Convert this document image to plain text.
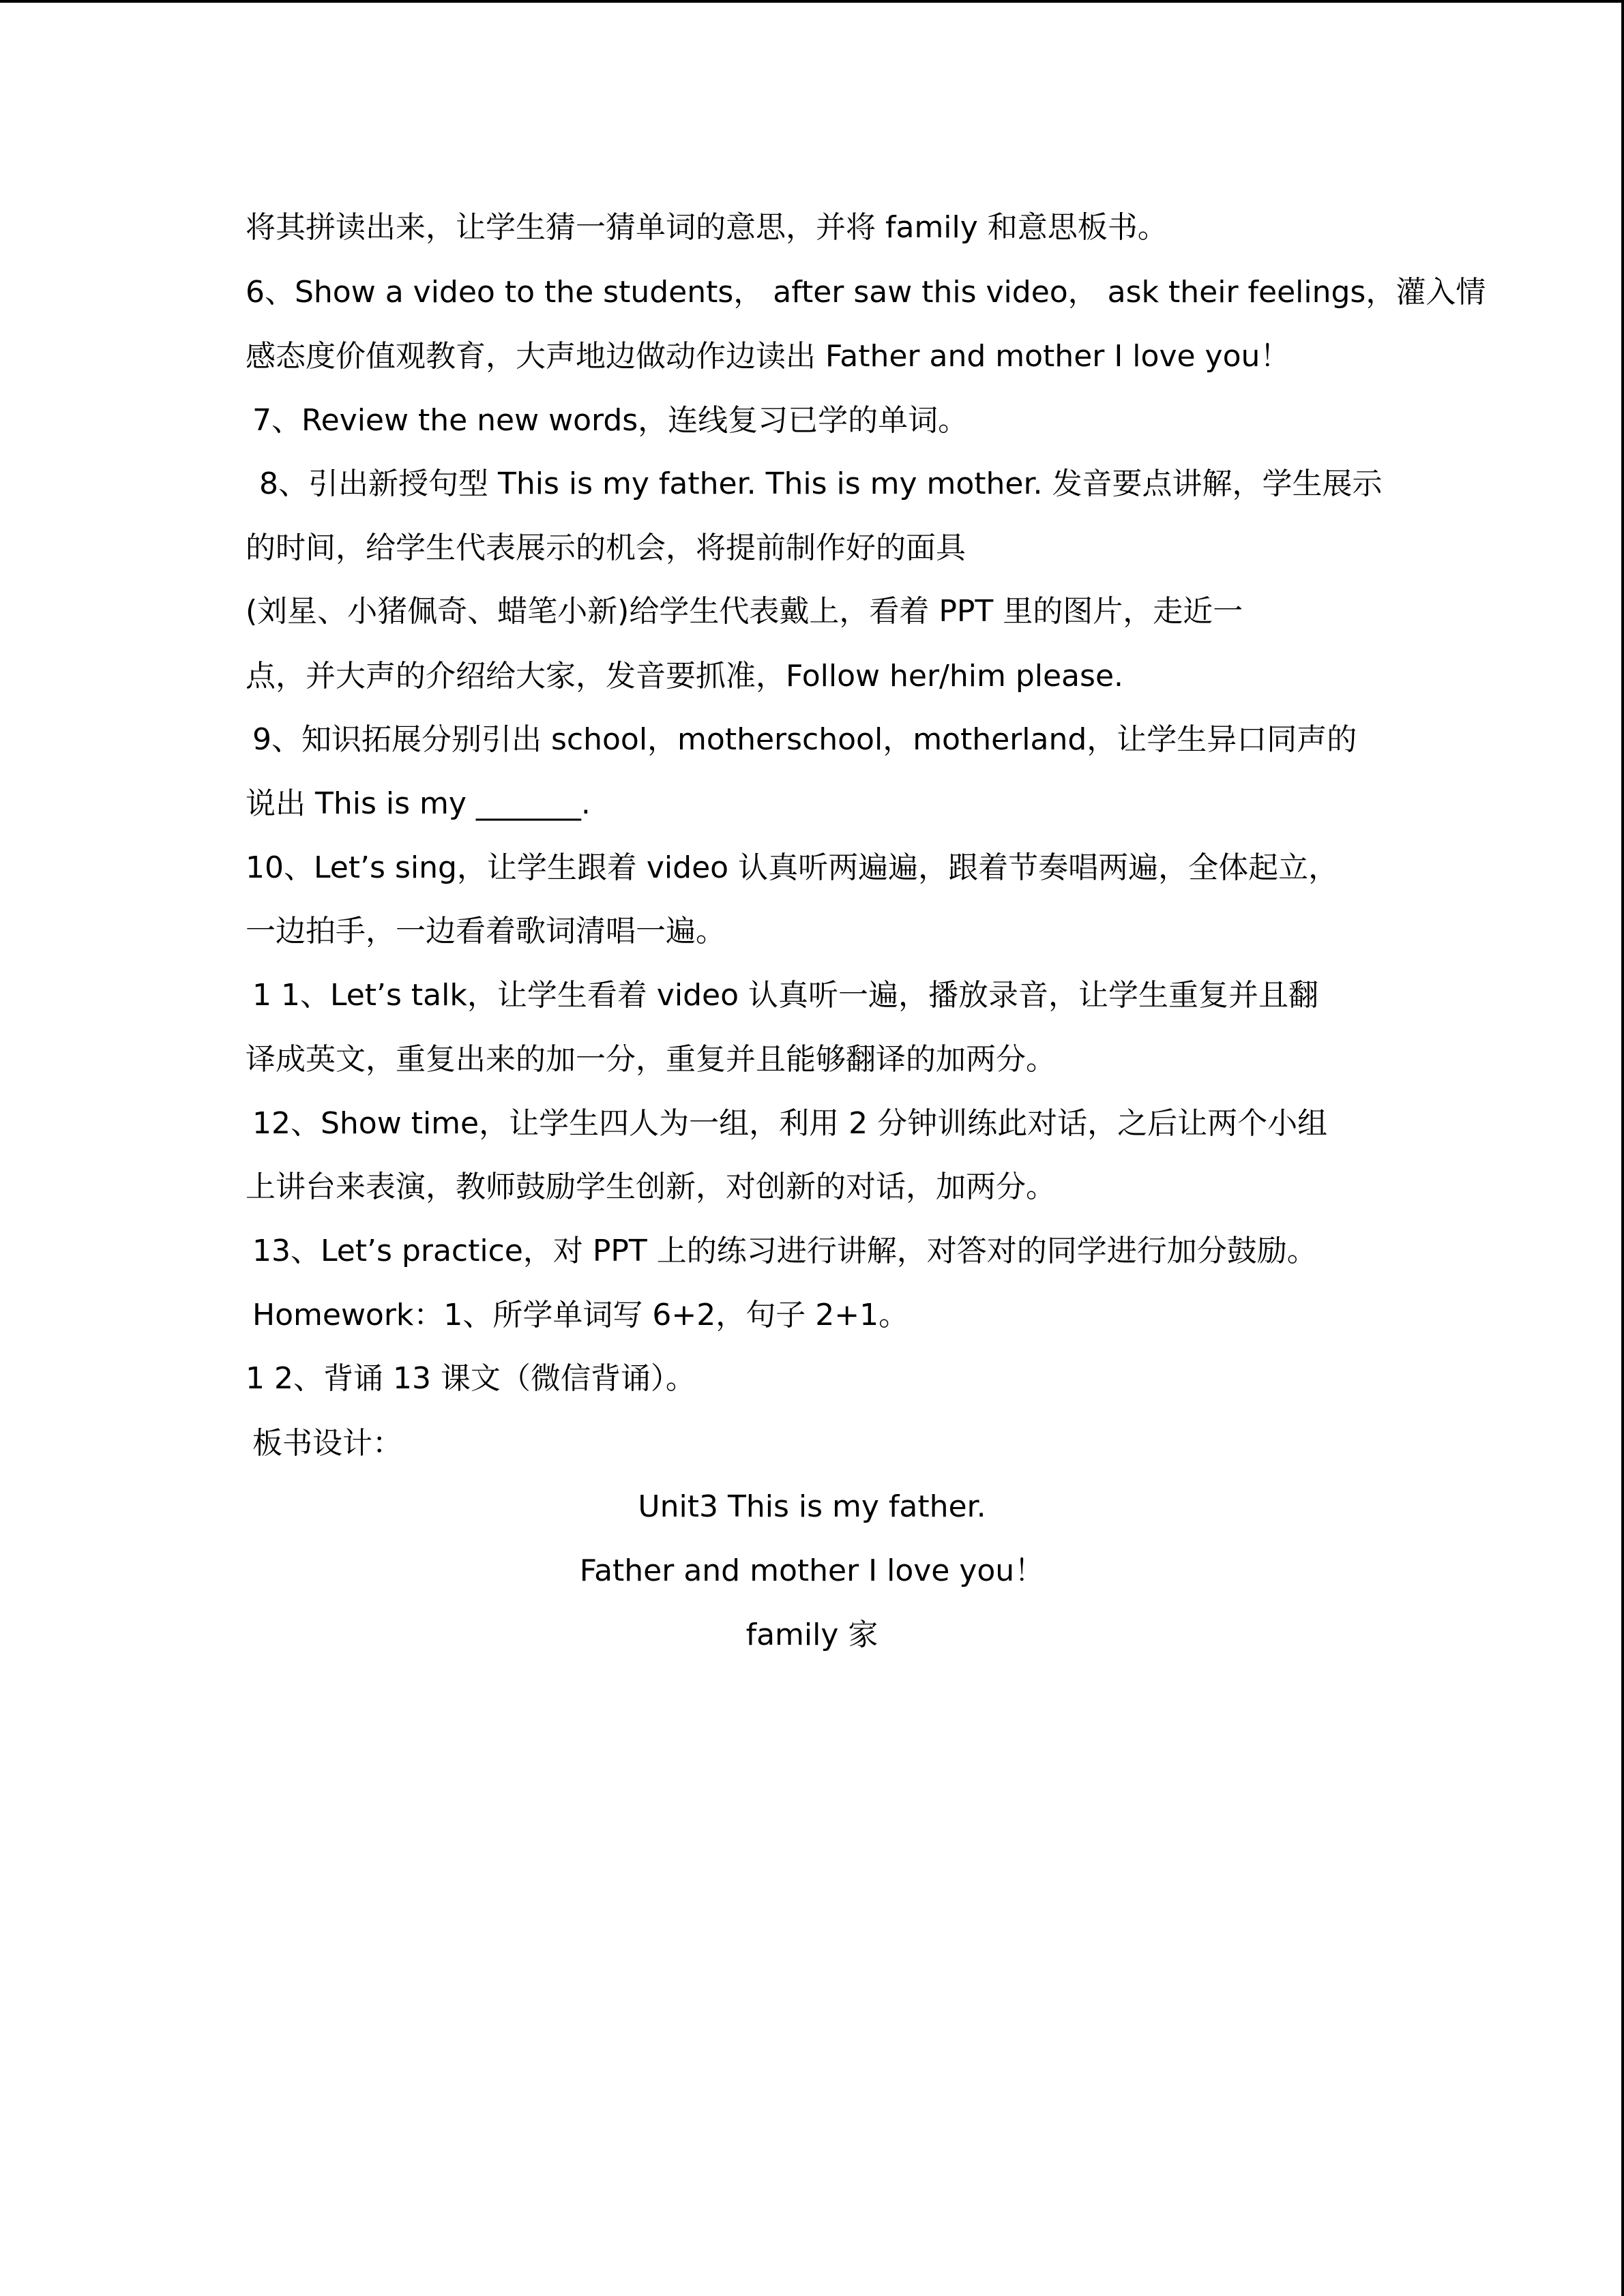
将其拼读出来，让学生猜一猜单词的意思，并将 family 和意思板书。
6、Show a video to the students， after saw this video， ask their feelings，灌入情
感态度价值观教育，大声地边做动作边读出 Father and mother I love you！
7、Review the new words，连线复习已学的单词。
8、引出新授句型 This is my father. This is my mother. 发音要点讲解，学生展示
的时间，给学生代表展示的机会，将提前制作好的面具
(刘星、小猪佩奇、蜡笔小新)给学生代表戴上，看着 PPT 里的图片，走近一
点，并大声的介绍给大家，发音要抓准，Follow her/him please.
9、知识拓展分别引出 school，motherschool，motherland，让学生异口同声的
说出 This is my _______.
10、Let’s sing，让学生跟着 video 认真听两遍遍，跟着节奏唱两遍，全体起立，
一边拍手，一边看着歌词清唱一遍。
1 1、Let’s talk，让学生看着 video 认真听一遍，播放录音，让学生重复并且翻
译成英文，重复出来的加一分，重复并且能够翻译的加两分。
12、Show time，让学生四人为一组，利用 2 分钟训练此对话，之后让两个小组
上讲台来表演，教师鼓励学生创新，对创新的对话，加两分。
13、Let’s practice，对 PPT 上的练习进行讲解，对答对的同学进行加分鼓励。
Homework：1、所学单词写 6+2，句子 2+1。
1 2、背诵 13 课文（微信背诵）。
板书设计：
Unit3 This is my father.
Father and mother I love you！
family 家
